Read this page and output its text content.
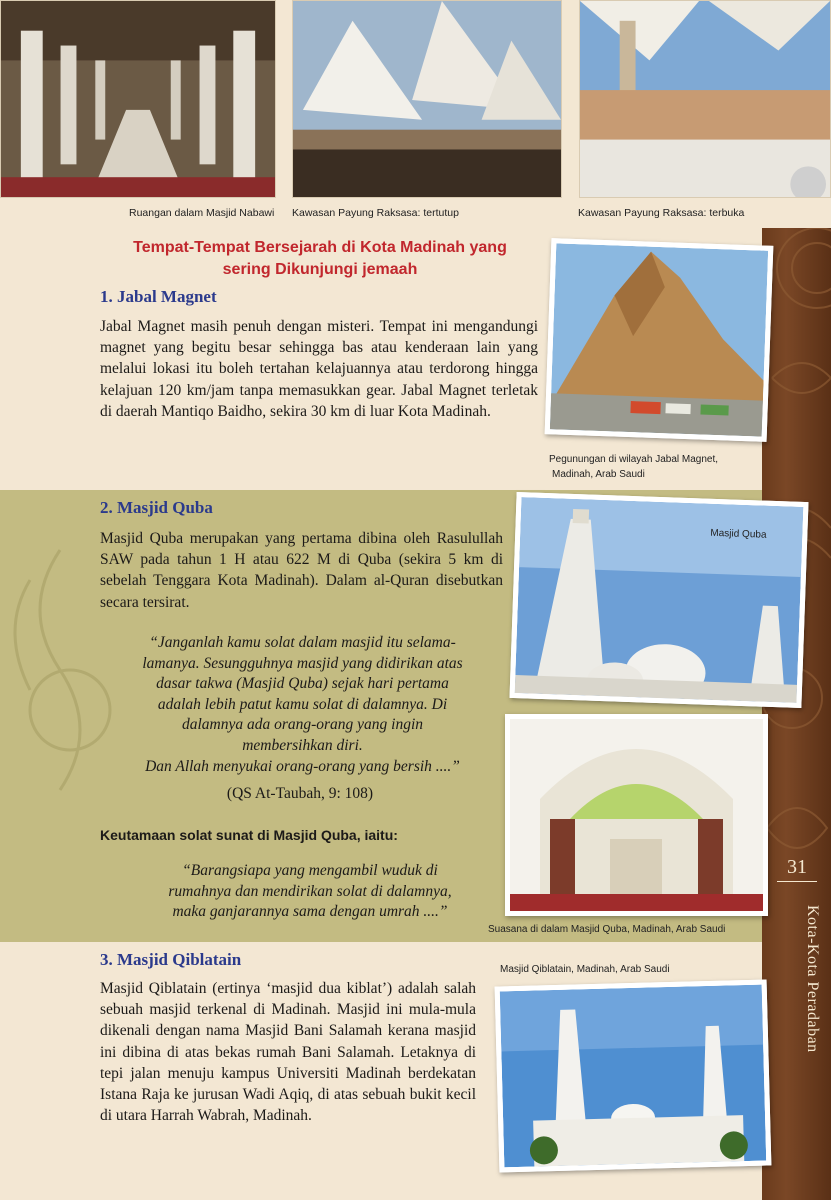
31
Kota-Kota Peradaban
Ruangan dalam Masjid Nabawi Kawasan Payung Raksasa: tertutup	Kawasan Payung Raksasa: terbuka
Tempat-Tempat Bersejarah di Kota Madinah yang
sering Dikunjungi jemaah
1. Jabal Magnet
Jabal Magnet masih penuh dengan misteri. Tempat ini mengandungi magnet yang begitu besar sehingga bas atau kenderaan lain yang melalui lokasi itu boleh tertahan kelajuannya atau terdorong hingga kelajuan 120 km/jam tanpa memasukkan gear. Jabal Magnet terletak di daerah Mantiqo Baidho, sekira 30 km di luar Kota Madinah.
Pegunungan di wilayah Jabal Magnet,
Madinah, Arab Saudi
2. Masjid Quba
Masjid Quba merupakan yang pertama dibina oleh Rasulullah SAW pada tahun 1 H atau 622 M di Quba (sekira 5 km di sebelah Tenggara Kota Madinah). Dalam al-Quran disebutkan secara tersirat.
“Janganlah kamu solat dalam masjid itu selama-
lamanya. Sesungguhnya masjid yang didirikan atas
dasar takwa (Masjid Quba) sejak hari pertama
adalah lebih patut kamu solat di dalamnya. Di
dalamnya ada orang-orang yang ingin
membersihkan diri.
Dan Allah menyukai orang-orang yang bersih ....”
(QS At-Taubah, 9: 108)
Keutamaan solat sunat di Masjid Quba, iaitu:
“Barangsiapa yang mengambil wuduk di
rumahnya dan mendirikan solat di dalamnya,
maka ganjarannya sama dengan umrah ....”
Masjid Quba
Suasana di dalam Masjid Quba, Madinah, Arab Saudi
3. Masjid Qiblatain
Masjid Qiblatain (ertinya ‘masjid dua kiblat’) adalah salah sebuah masjid terkenal di Madinah. Masjid ini mula-mula dikenali dengan nama Masjid Bani Salamah kerana masjid ini dibina di atas bekas rumah Bani Salamah. Letaknya di tepi jalan menuju kampus Universiti Madinah berdekatan Istana Raja ke jurusan Wadi Aqiq, di atas sebuah bukit kecil di utara Harrah Wabrah, Madinah.
Masjid Qiblatain, Madinah, Arab Saudi
